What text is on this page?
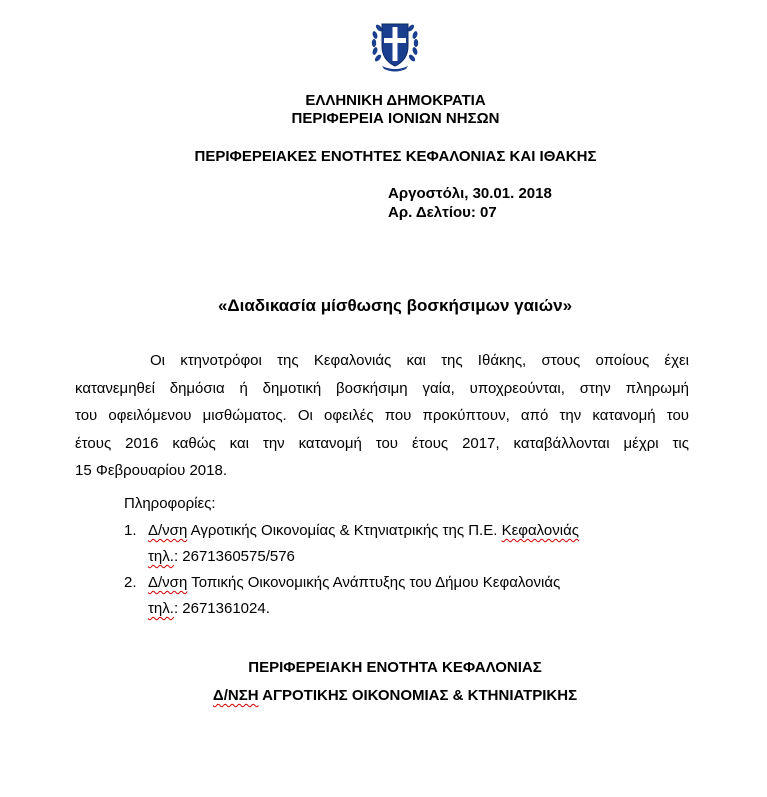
ΕΛΛΗΝΙΚΗ ΔΗΜΟΚΡΑΤΙΑ
ΠΕΡΙΦΕΡΕΙΑ ΙΟΝΙΩΝ ΝΗΣΩΝ
ΠΕΡΙΦΕΡΕΙΑΚΕΣ ΕΝΟΤΗΤΕΣ ΚΕΦΑΛΟΝΙΑΣ ΚΑΙ ΙΘΑΚΗΣ
Αργοστόλι, 30.01. 2018
Αρ. Δελτίου: 07
«Διαδικασία μίσθωσης βοσκήσιμων γαιών»
Οι κτηνοτρόφοι της Κεφαλονιάς και της Ιθάκης, στους οποίους έχει
κατανεμηθεί δημόσια ή δημοτική βοσκήσιμη γαία, υποχρεούνται, στην πληρωμή
του οφειλόμενου μισθώματος. Οι οφειλές που προκύπτουν, από την κατανομή του
έτους 2016 καθώς και την κατανομή του έτους 2017, καταβάλλονται μέχρι τις
15 Φεβρουαρίου 2018.
Πληροφορίες:
1. Δ/νση Αγροτικής Οικονομίας & Κτηνιατρικής της Π.Ε. Κεφαλονιάς
τηλ.: 2671360575/576
2. Δ/νση Τοπικής Οικονομικής Ανάπτυξης του Δήμου Κεφαλονιάς
τηλ.: 2671361024.
ΠΕΡΙΦΕΡΕΙΑΚΗ ΕΝΟΤΗΤΑ ΚΕΦΑΛΟΝΙΑΣ
Δ/ΝΣΗ ΑΓΡΟΤΙΚΗΣ ΟΙΚΟΝΟΜΙΑΣ & ΚΤΗΝΙΑΤΡΙΚΗΣ
